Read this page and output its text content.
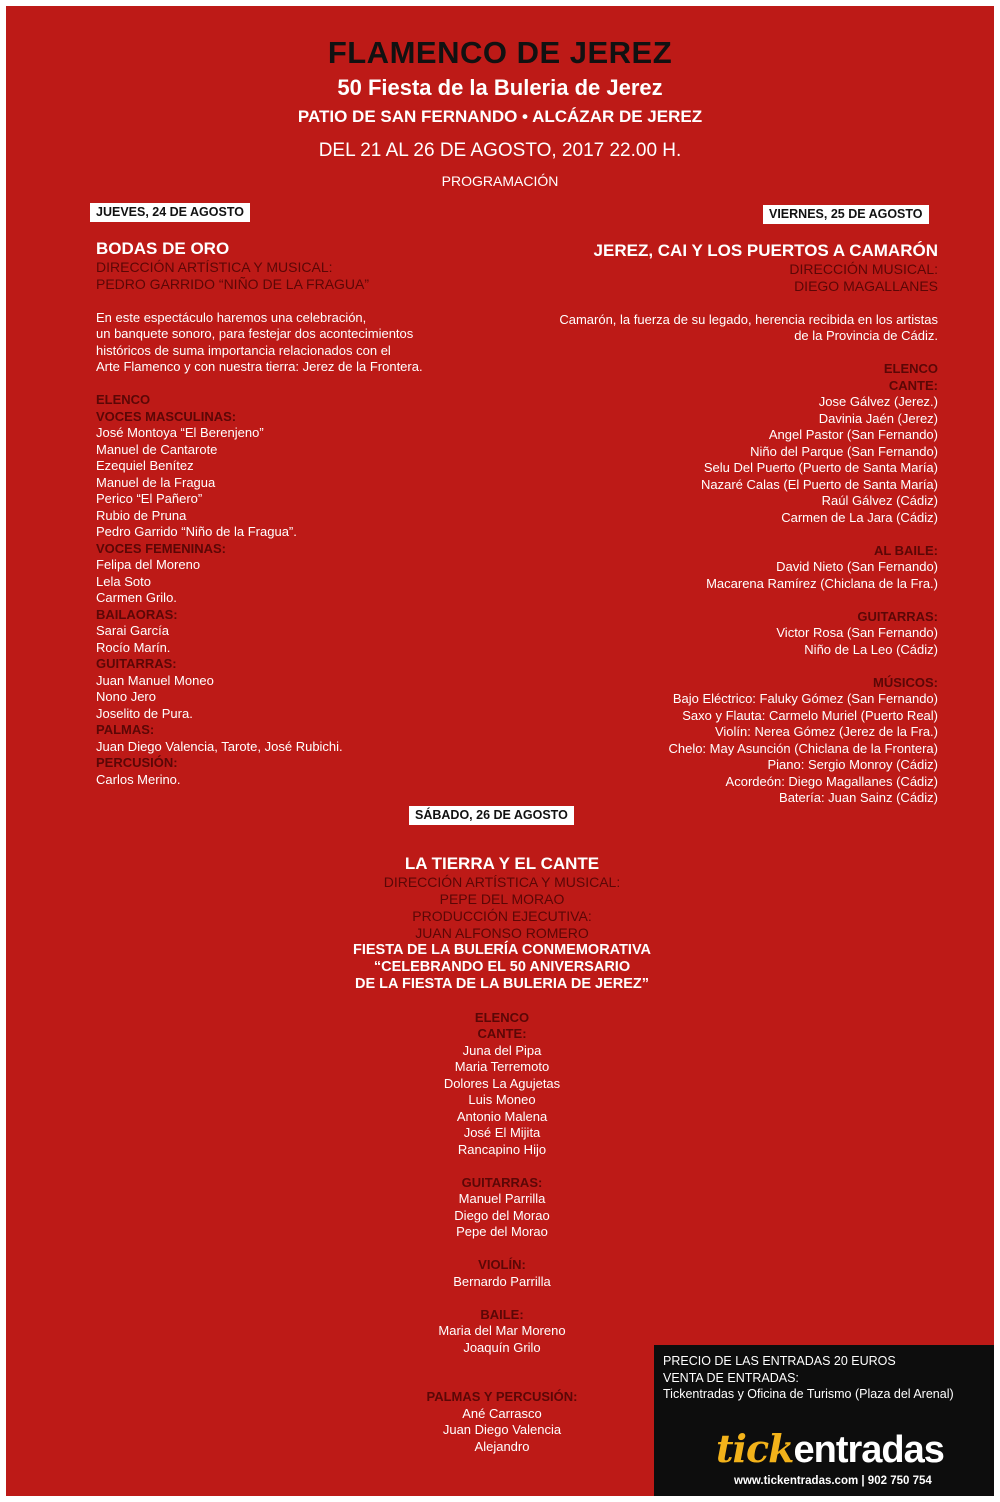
FLAMENCO DE JEREZ
50 Fiesta de la Buleria de Jerez
PATIO DE SAN FERNANDO • ALCÁZAR DE JEREZ
DEL 21 AL 26 DE AGOSTO, 2017 22.00 H.
PROGRAMACIÓN
JUEVES, 24 DE AGOSTO	VIERNES, 25 DE AGOSTO
SÁBADO, 26 DE AGOSTO
BODAS DE ORO
DIRECCIÓN ARTÍSTICA Y MUSICAL:
PEDRO GARRIDO “NIÑO DE LA FRAGUA”
En este espectáculo haremos una celebración,
un banquete sonoro, para festejar dos acontecimientos
históricos de suma importancia relacionados con el
Arte Flamenco y con nuestra tierra: Jerez de la Frontera.
ELENCO
VOCES MASCULINAS:
José Montoya “El Berenjeno”
Manuel de Cantarote
Ezequiel Benítez
Manuel de la Fragua
Perico “El Pañero”
Rubio de Pruna
Pedro Garrido “Niño de la Fragua”.
VOCES FEMENINAS:
Felipa del Moreno
Lela Soto
Carmen Grilo.
BAILAORAS:
Sarai García
Rocío Marín.
GUITARRAS:
Juan Manuel Moneo
Nono Jero
Joselito de Pura.
PALMAS:
Juan Diego Valencia, Tarote, José Rubichi.
PERCUSIÓN:
Carlos Merino.
JEREZ, CAI Y LOS PUERTOS A CAMARÓN
DIRECCIÓN MUSICAL:
DIEGO MAGALLANES
Camarón, la fuerza de su legado, herencia recibida en los artistas
de la Provincia de Cádiz.
ELENCO
CANTE:
Jose Gálvez (Jerez.)
Davinia Jaén (Jerez)
Angel Pastor (San Fernando)
Niño del Parque (San Fernando)
Selu Del Puerto (Puerto de Santa María)
Nazaré Calas (El Puerto de Santa María)
Raúl Gálvez (Cádiz)
Carmen de La Jara (Cádiz)
AL BAILE:
David Nieto (San Fernando)
Macarena Ramírez (Chiclana de la Fra.)
GUITARRAS:
Victor Rosa (San Fernando)
Niño de La Leo (Cádiz)
MÚSICOS:
Bajo Eléctrico: Faluky Gómez (San Fernando)
Saxo y Flauta: Carmelo Muriel (Puerto Real)
Violín: Nerea Gómez (Jerez de la Fra.)
Chelo: May Asunción (Chiclana de la Frontera)
Piano: Sergio Monroy (Cádiz)
Acordeón: Diego Magallanes (Cádiz)
Batería: Juan Sainz (Cádiz)
LA TIERRA Y EL CANTE
DIRECCIÓN ARTÍSTICA Y MUSICAL:
PEPE DEL MORAO
PRODUCCIÓN EJECUTIVA:
JUAN ALFONSO ROMERO
FIESTA DE LA BULERÍA CONMEMORATIVA
“CELEBRANDO EL 50 ANIVERSARIO
DE LA FIESTA DE LA BULERIA DE JEREZ”
ELENCO
CANTE:
Juna del Pipa
Maria Terremoto
Dolores La Agujetas
Luis Moneo
Antonio Malena
José El Mijita
Rancapino Hijo
GUITARRAS:
Manuel Parrilla
Diego del Morao
Pepe del Morao
VIOLÍN:
Bernardo Parrilla
BAILE:
Maria del Mar Moreno
Joaquín Grilo
PALMAS Y PERCUSIÓN:
Ané Carrasco
Juan Diego Valencia
Alejandro
PRECIO DE LAS ENTRADAS 20 EUROS
VENTA DE ENTRADAS:
Tickentradas y Oficina de Turismo (Plaza del Arenal)
tickentradas
www.tickentradas.com | 902 750 754
